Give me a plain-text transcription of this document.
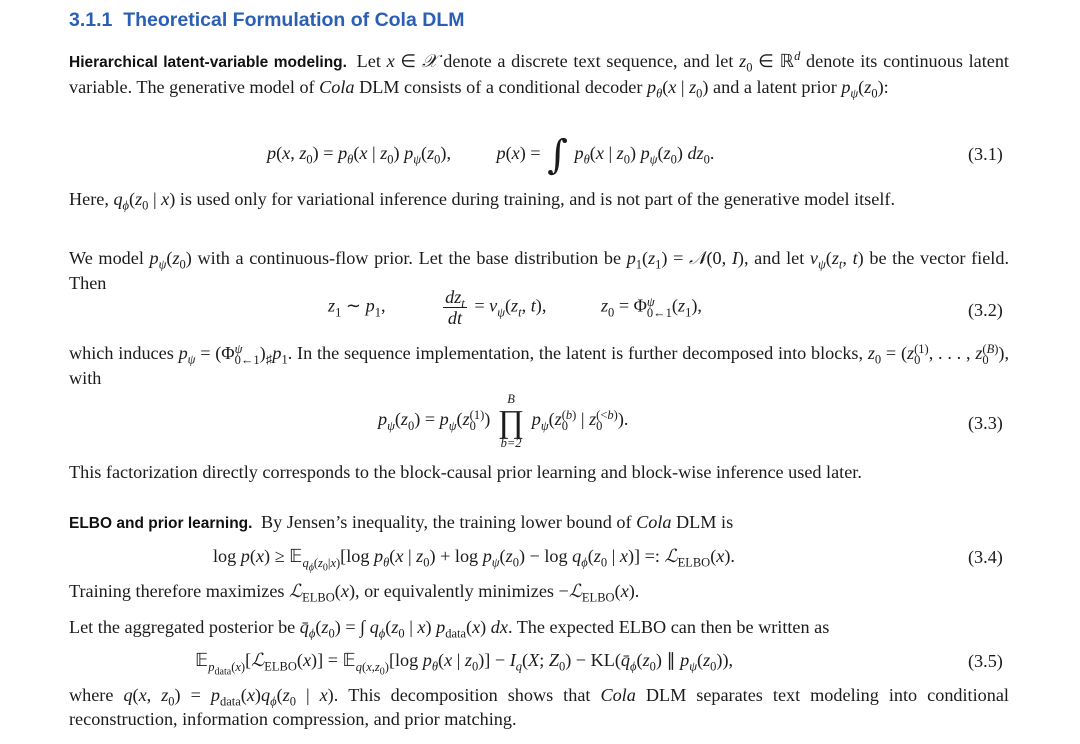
3.1.1 Theoretical Formulation of Cola DLM
Hierarchical latent-variable modeling. Let x ∈ 𝒳 denote a discrete text sequence, and let $z_0$ ∈ ℝ$^d$ denote its continuous latent variable. The generative model of Cola DLM consists of a conditional decoder $p_\theta(x$ | $z_0$) and a latent prior $p_\psi(z_0)$:
p(x, $z_0) = p_\theta(x$ | $z_0$) $p_\psi(z_0)$,          p(x) = ∫ $p_\theta(x$ | $z_0$) $p_\psi(z_0)$ $dz_0$.	(3.1)
Here, $q_\phi(z_0$ | x) is used only for variational inference during training, and is not part of the generative model itself.
We model $p_\psi(z_0)$ with a continuous-flow prior. Let the base distribution be $p_1(z_1)$ = 𝒩(0, I), and let $v_\psi(z_t$, t) be the vector field. Then
$z_1$ ∼ $p_1$, $\frac{dz_t}{dt} = v_\psi(z_t$, t),            $z_0 = \Phi$ ψ
0←1 $(z_1)$,	(3.2)
which induces $p_\psi = (\Phi$ ψ
0←1 )$_♯p_1$. In the sequence implementation, the latent is further decomposed into blocks, $z_0 = (z$ (1)
0 , . . . , z (B)
0 ), with
$p_\psi(z_0) = p_\psi(z$ (1)
0 )
B
∏
b=2
$p_\psi(z$ (b)
0 | z (<b)
0 ).	(3.3)
This factorization directly corresponds to the block-causal prior learning and block-wise inference used later.
ELBO and prior learning. By Jensen’s inequality, the training lower bound of Cola DLM is
log p(x) ≥ 𝔼$_{q_\phi(z_0|x)}$[log $p_\theta(x$ | $z_0) + \log p_\psi(z_0) - \log q_\phi(z_0$ | x)] =: ℒ$_{ELBO}$(x).	(3.4)
Training therefore maximizes ℒ$_{ELBO}$(x), or equivalently minimizes −ℒ$_{ELBO}$(x).
Let the aggregated posterior be $q̄_\phi(z_0)$ = ∫ $q_\phi(z_0$ | x) $p_{data}(x)$ dx. The expected ELBO can then be written as
𝔼$_{p_{data}(x)}$[ℒ$_{ELBO}$(x)] = 𝔼$_{q(x,z_0)}$[log $p_\theta(x$ | $z_0)] - I_q(X$; $Z_0$) − $KL(q̄_\phi(z_0)$ ∥ $p_\psi(z_0)$),	(3.5)
where q(x, $z_0) = p_{data}(x)q_\phi(z_0$ | x). This decomposition shows that Cola DLM separates text modeling into conditional reconstruction, information compression, and prior matching.
